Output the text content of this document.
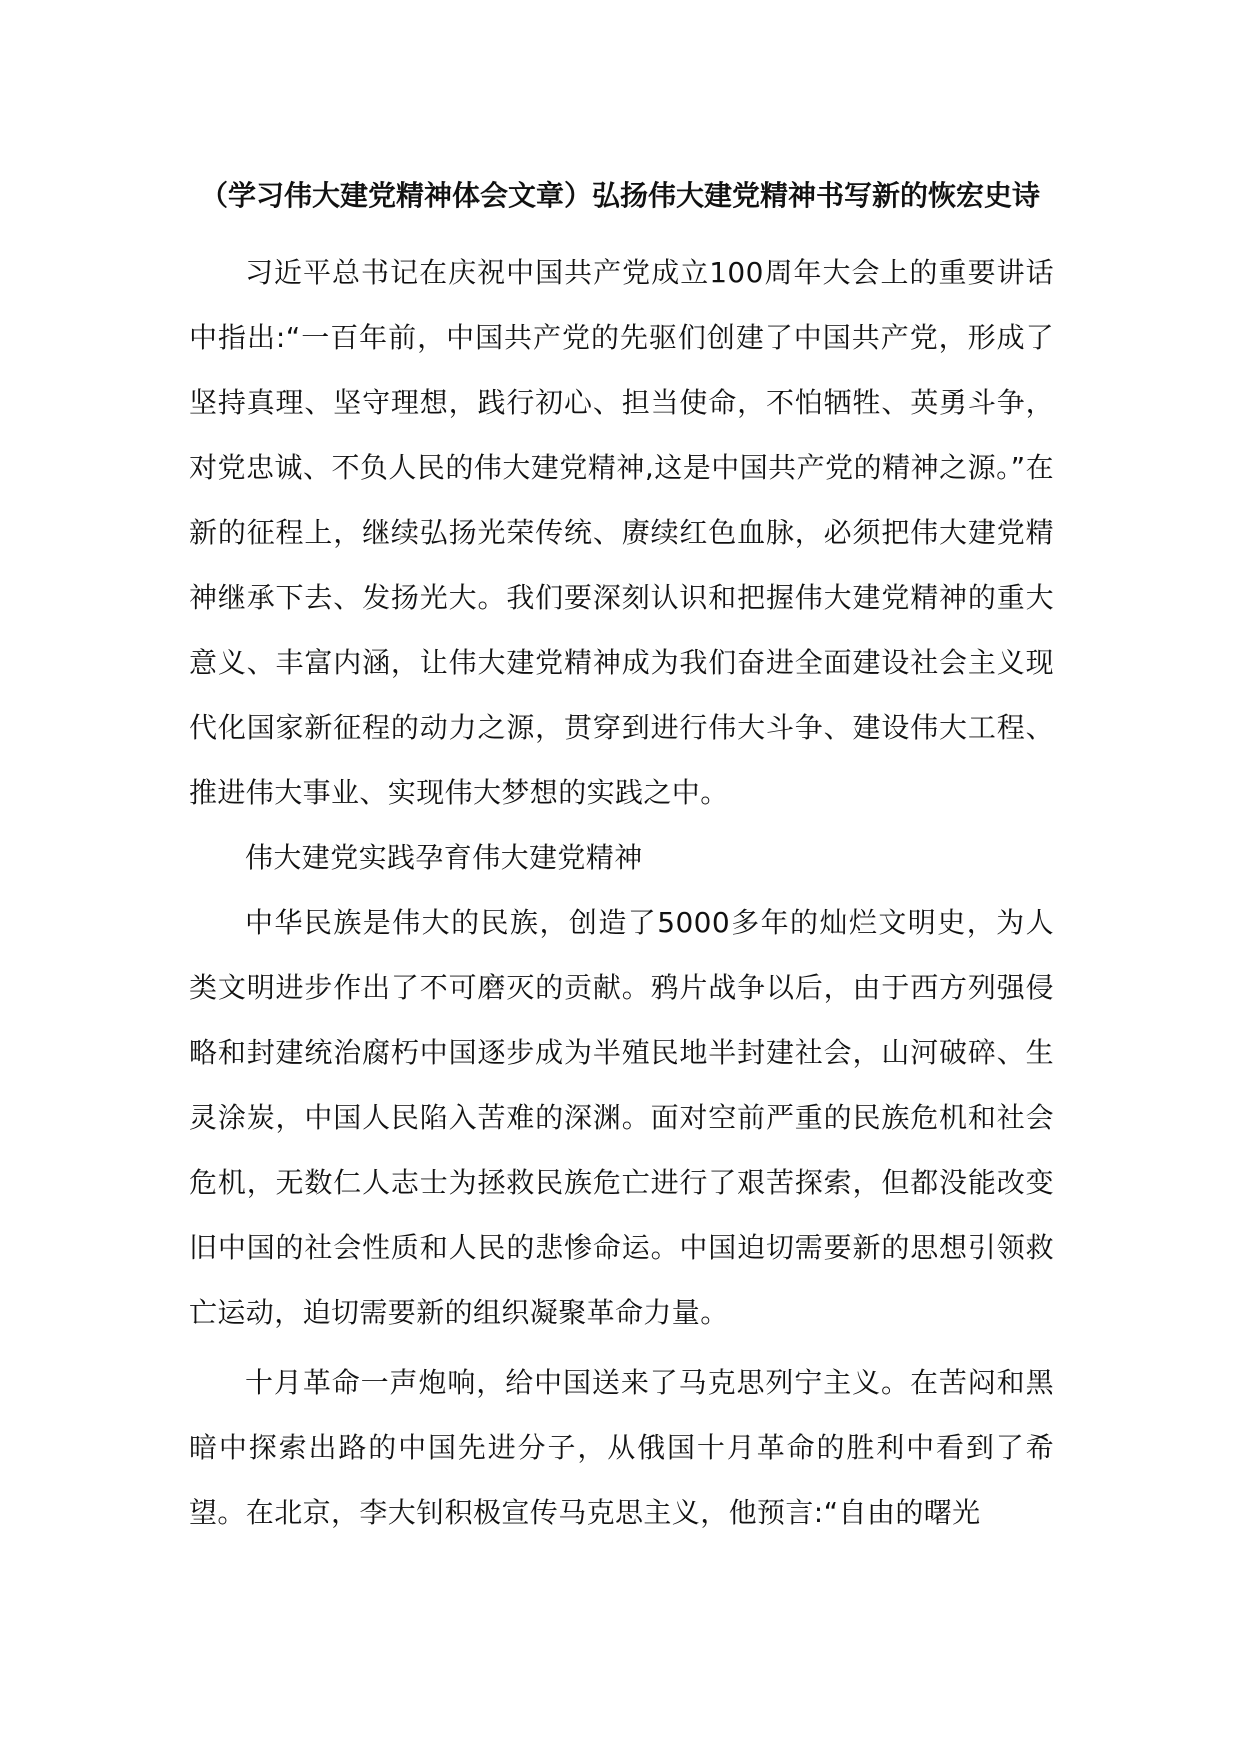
（学习伟大建党精神体会文章）弘扬伟大建党精神书写新的恢宏史诗

习近平总书记在庆祝中国共产党成立100周年大会上的重要讲话中指出:“一百年前，中国共产党的先驱们创建了中国共产党，形成了坚持真理、坚守理想，践行初心、担当使命，不怕牺牲、英勇斗争，对党忠诚、不负人民的伟大建党精神,这是中国共产党的精神之源。”在新的征程上，继续弘扬光荣传统、赓续红色血脉，必须把伟大建党精神继承下去、发扬光大。我们要深刻认识和把握伟大建党精神的重大意义、丰富内涵，让伟大建党精神成为我们奋进全面建设社会主义现代化国家新征程的动力之源，贯穿到进行伟大斗争、建设伟大工程、推进伟大事业、实现伟大梦想的实践之中。

伟大建党实践孕育伟大建党精神

中华民族是伟大的民族，创造了5000多年的灿烂文明史，为人类文明进步作出了不可磨灭的贡献。鸦片战争以后，由于西方列强侵略和封建统治腐朽中国逐步成为半殖民地半封建社会，山河破碎、生灵涂炭，中国人民陷入苦难的深渊。面对空前严重的民族危机和社会危机，无数仁人志士为拯救民族危亡进行了艰苦探索，但都没能改变旧中国的社会性质和人民的悲惨命运。中国迫切需要新的思想引领救亡运动，迫切需要新的组织凝聚革命力量。

十月革命一声炮响，给中国送来了马克思列宁主义。在苦闷和黑暗中探索出路的中国先进分子，从俄国十月革命的胜利中看到了希望。在北京，李大钊积极宣传马克思主义，他预言:“自由的曙光
